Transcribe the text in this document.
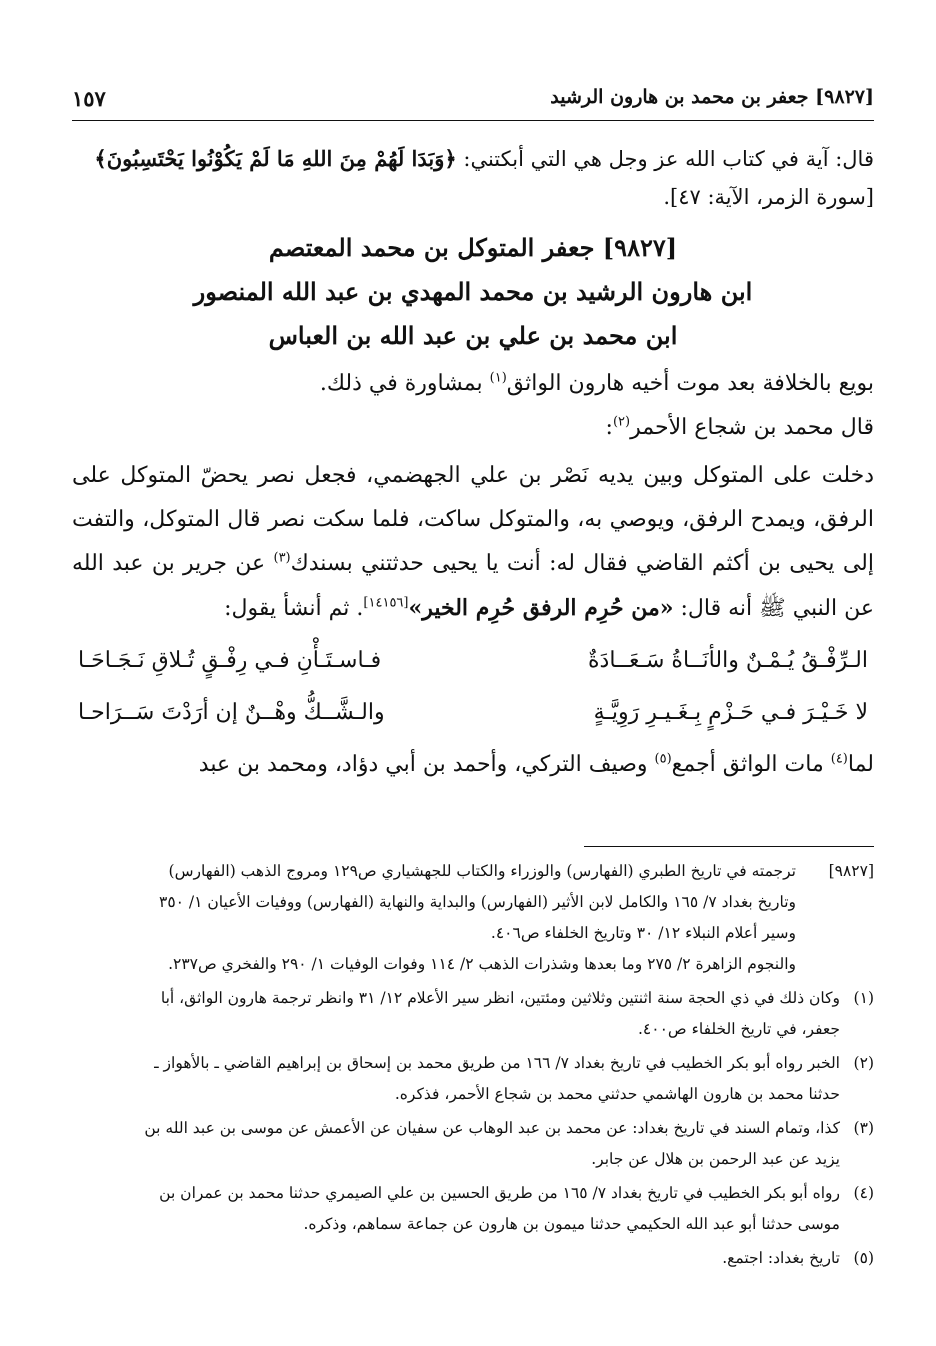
[٩٨٢٧] جعفر بن محمد بن هارون الرشيد
١٥٧

قال: آية في كتاب الله عز وجل هي التي أبكتني: ﴿وَبَدَا لَهُمْ مِنَ اللهِ مَا لَمْ يَكُوْنُوا يَحْتَسِبُونَ﴾

[سورة الزمر، الآية: ٤٧].

[٩٨٢٧] جعفر المتوكل بن محمد المعتصم

ابن هارون الرشيد بن محمد المهدي بن عبد الله المنصور

ابن محمد بن علي بن عبد الله بن العباس

بويع بالخلافة بعد موت أخيه هارون الواثق$^{(١)}$ بمشاورة في ذلك.

قال محمد بن شجاع الأحمر$^{(٢)}$:

دخلت على المتوكل وبين يديه نَصْر بن علي الجهضمي، فجعل نصر يحضّ المتوكل على الرفق، ويمدح الرفق، ويوصي به، والمتوكل ساكت، فلما سكت نصر قال المتوكل، والتفت إلى يحيى بن أكثم القاضي فقال له: أنت يا يحيى حدثتني بسندك$^{(٣)}$ عن جرير بن عبد الله عن النبي ﷺ أنه قال: «من حُرِم الرفق حُرِم الخير»[١٤١٥٦]. ثم أنشأ يقول:

الـرِّفْـقُ يُـمْـنٌ والأنَــاةُ سَـعَــادَةٌ
فـاسـتَـأْنِ فـي رِفْـقٍ تُـلاقِ نَـجَـاحَـا
لا خَـيْـرَ فـي حَـزْمٍ بِـغَـيـرِ رَوِيَّـةٍ
والـشَّــكُّ وهْــنٌ إن أرَدْتَ سَــرَاحـا

لما$^{(٤)}$ مات الواثق أجمع$^{(٥)}$ وصيف التركي، وأحمد بن أبي دؤاد، ومحمد بن عبد

[٩٨٢٧]
ترجمته في تاريخ الطبري (الفهارس) والوزراء والكتاب للجهشياري ص١٢٩ ومروج الذهب (الفهارس)
وتاريخ بغداد ٧/ ١٦٥ والكامل لابن الأثير (الفهارس) والبداية والنهاية (الفهارس) ووفيات الأعيان ١/ ٣٥٠
وسير أعلام النبلاء ١٢/ ٣٠ وتاريخ الخلفاء ص٤٠٦.
والنجوم الزاهرة ٢/ ٢٧٥ وما بعدها وشذرات الذهب ٢/ ١١٤ وفوات الوفيات ١/ ٢٩٠ والفخري ص٢٣٧.
(١)
وكان ذلك في ذي الحجة سنة اثنتين وثلاثين ومئتين، انظر سير الأعلام ١٢/ ٣١ وانظر ترجمة هارون الواثق، أبا
جعفر، في تاريخ الخلفاء ص٤٠٠.
(٢)
الخبر رواه أبو بكر الخطيب في تاريخ بغداد ٧/ ١٦٦ من طريق محمد بن إسحاق بن إبراهيم القاضي ـ بالأهواز ـ
حدثنا محمد بن هارون الهاشمي حدثني محمد بن شجاع الأحمر، فذكره.
(٣)
كذا، وتمام السند في تاريخ بغداد: عن محمد بن عبد الوهاب عن سفيان عن الأعمش عن موسى بن عبد الله بن
يزيد عن عبد الرحمن بن هلال عن جابر.
(٤)
رواه أبو بكر الخطيب في تاريخ بغداد ٧/ ١٦٥ من طريق الحسين بن علي الصيمري حدثنا محمد بن عمران بن
موسى حدثنا أبو عبد الله الحكيمي حدثنا ميمون بن هارون عن جماعة سماهم، وذكره.
(٥)
تاريخ بغداد: اجتمع.
